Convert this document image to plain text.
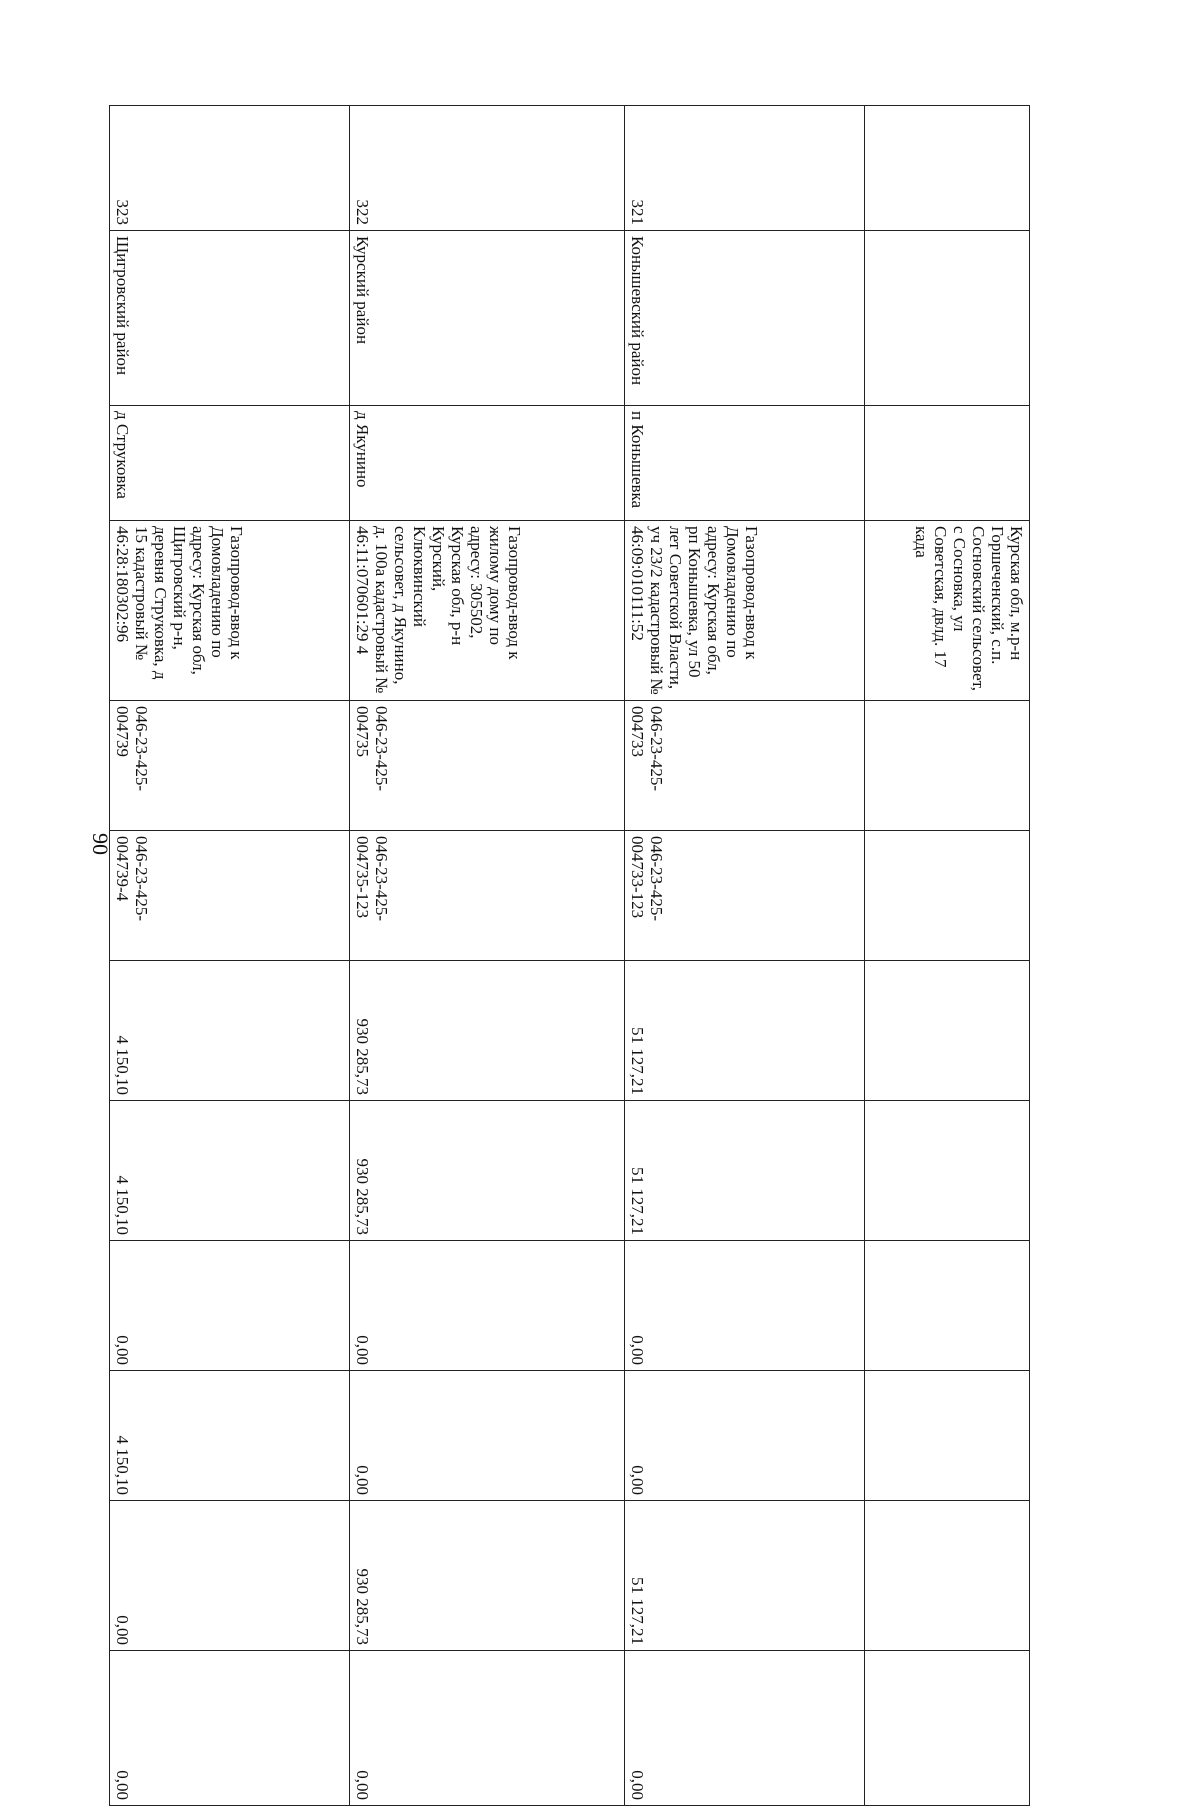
90
			Курская обл, м.р-н Горшеченский, с.п. Сосновский сельсовет, с Сосновка, ул Советская, двлд. 17 када								
321	Конышевский район	п Конышевка	Газопровод-ввод к Домовладению по адресу: Курская обл, рп Конышевка, ул 50 лет Советской Власти, уч 23/2 кадастровый № 46:09:010111:52	046-23-425-004733	046-23-425-004733-123	51 127,21	51 127,21	0,00	0,00	51 127,21	0,00
322	Курский район	д Якунино	Газопровод-ввод к жилому дому по адресу: 305502, Курская обл, р-н Курский, Клюквинский сельсовет, д Якунино, д. 100а кадастровый № 46:11:070601:29 4	046-23-425-004735	046-23-425-004735-123	930 285,73	930 285,73	0,00	0,00	930 285,73	0,00
323	Щигровский район	д Струковка	Газопровод-ввод к Домовладению по адресу: Курская обл, Щигровский р-н, деревня Струковка, д 15 кадастровый № 46:28:180302:96	046-23-425-004739	046-23-425-004739-4	4 150,10	4 150,10	0,00	4 150,10	0,00	0,00
